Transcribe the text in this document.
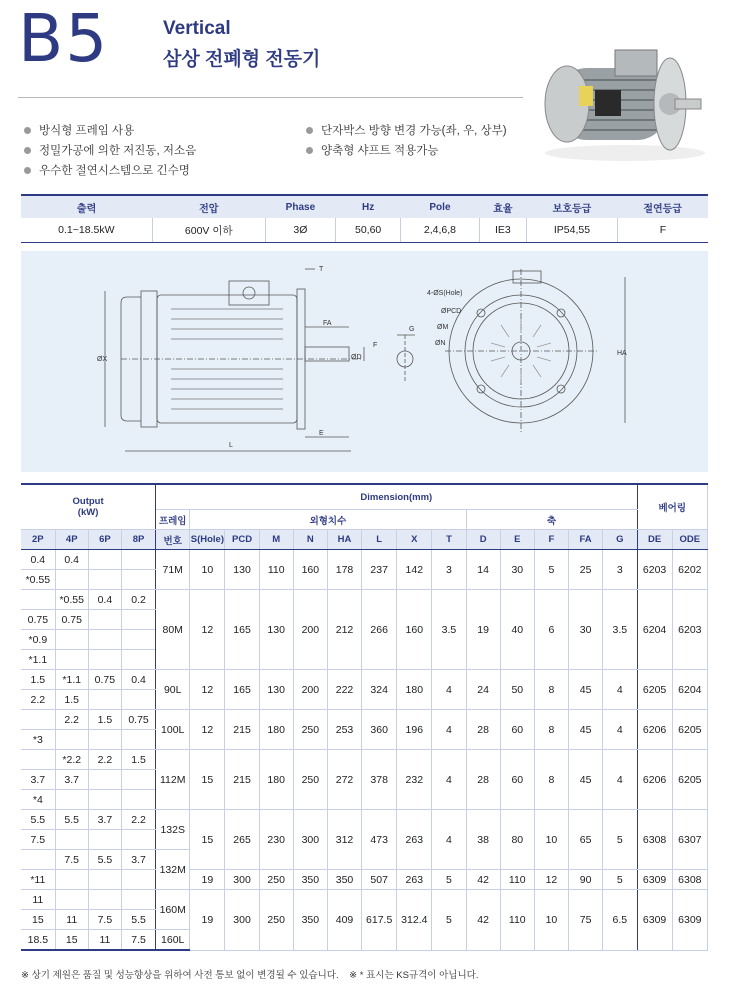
B5	Vertical
삼상 전폐형 전동기
방식형 프레임 사용
정밀가공에 의한 저진동, 저소음
우수한 절연시스템으로 긴수명
단자박스 방향 변경 가능(좌, 우, 상부)
양축형 샤프트 적용가능
출력	전압	Phase	Hz	Pole	효율	보호등급	절연등급
0.1~18.5kW	600V 이하	3Ø	50,60	2,4,6,8	IE3	IP54,55	F
ØX
L
T
FA
ØD
E
F
G
4-ØS(Hole)
ØPCD
ØM
ØN
HA
Output
(kW)				Dimension(mm)														베어링	
				프레임	외형치수								축						
2P	4P	6P	8P	번호	S(Hole)	PCD	M	N	HA	L	X	T	D	E	F	FA	G	DE	ODE
0.4	0.4			71M	10	130	110	160	178	237	142	3	14	30	5	25	3	6203	6202
*0.55																			
	*0.55	0.4	0.2	80M	12	165	130	200	212	266	160	3.5	19	40	6	30	3.5	6204	6203
0.75	0.75																		
*0.9																			
*1.1																			
1.5	*1.1	0.75	0.4	90L	12	165	130	200	222	324	180	4	24	50	8	45	4	6205	6204
2.2	1.5																		
	2.2	1.5	0.75	100L	12	215	180	250	253	360	196	4	28	60	8	45	4	6206	6205
*3																			
	*2.2	2.2	1.5	112M	15	215	180	250	272	378	232	4	28	60	8	45	4	6206	6205
3.7	3.7																		
*4																			
5.5	5.5	3.7	2.2	132S	15	265	230	300	312	473	263	4	38	80	10	65	5	6308	6307
7.5																			
	7.5	5.5	3.7	132M															
*11					19	300	250	350	350	507	263	5	42	110	12	90	5	6309	6308
11				160M	19	300	250	350	409	617.5	312.4	5	42	110	10	75	6.5	6309	6309
15	11	7.5	5.5																
18.5	15	11	7.5	160L															
※ 상기 제원은 품질 및 성능향상을 위하여 사전 통보 없이 변경될 수 있습니다. ※ * 표시는 KS규격이 아닙니다.
